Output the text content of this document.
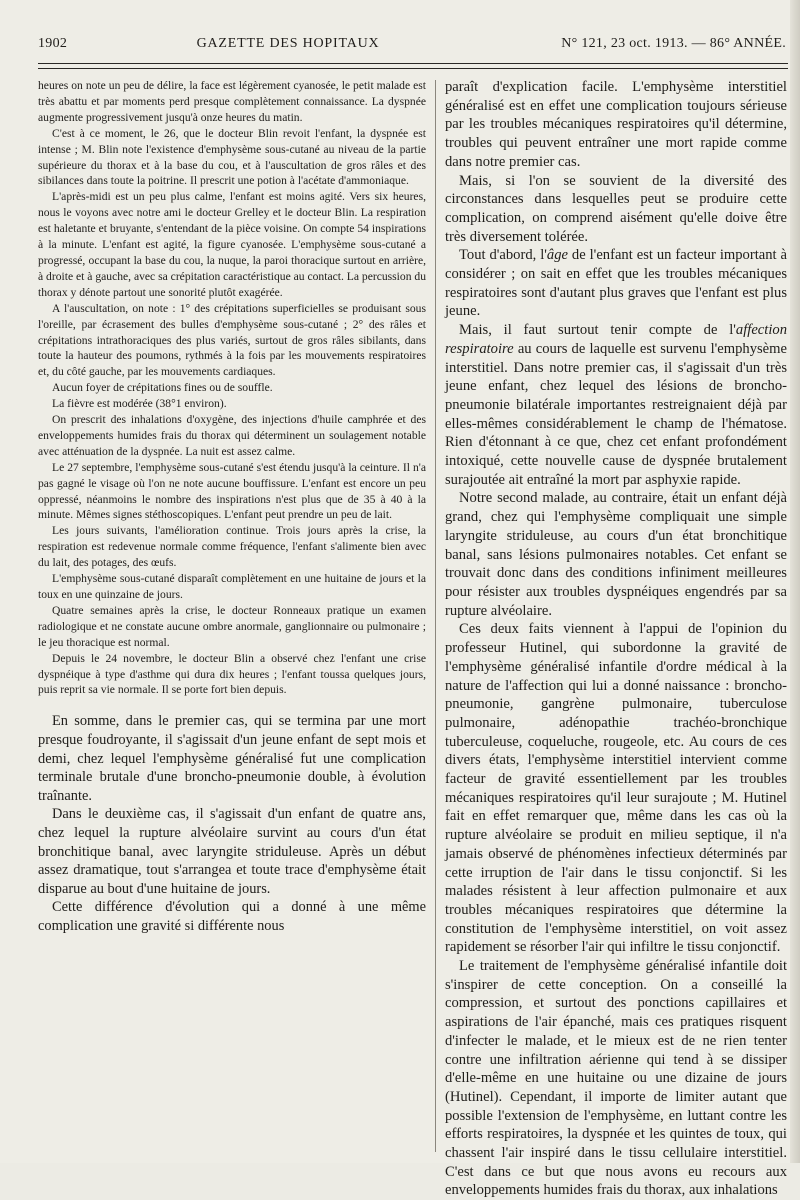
1902	GAZETTE DES HOPITAUX	N° 121, 23 oct. 1913. — 86° ANNÉE.

heures on note un peu de délire, la face est légèrement cyanosée, le petit malade est très abattu et par moments perd presque complètement connaissance. La dyspnée augmente progressivement jusqu'à onze heures du matin.

C'est à ce moment, le 26, que le docteur Blin revoit l'enfant, la dyspnée est intense ; M. Blin note l'existence d'emphysème sous-cutané au niveau de la partie supérieure du thorax et à la base du cou, et à l'auscultation de gros râles et des sibilances dans toute la poitrine. Il prescrit une potion à l'acétate d'ammoniaque.

L'après-midi est un peu plus calme, l'enfant est moins agité. Vers six heures, nous le voyons avec notre ami le docteur Grelley et le docteur Blin. La respiration est haletante et bruyante, s'entendant de la pièce voisine. On compte 54 inspirations à la minute. L'enfant est agité, la figure cyanosée. L'emphysème sous-cutané a progressé, occupant la base du cou, la nuque, la paroi thoracique surtout en arrière, à droite et à gauche, avec sa crépitation caractéristique au contact. La percussion du thorax y dénote partout une sonorité plutôt exagérée.

A l'auscultation, on note : 1° des crépitations superficielles se produisant sous l'oreille, par écrasement des bulles d'emphysème sous-cutané ; 2° des râles et crépitations intrathoraciques des plus variés, surtout de gros râles sibilants, dans toute la hauteur des poumons, rythmés à la fois par les mouvements respiratoires et, du côté gauche, par les mouvements cardiaques.

Aucun foyer de crépitations fines ou de souffle.

La fièvre est modérée (38°1 environ).

On prescrit des inhalations d'oxygène, des injections d'huile camphrée et des enveloppements humides frais du thorax qui déterminent un soulagement notable avec atténuation de la dyspnée. La nuit est assez calme.

Le 27 septembre, l'emphysème sous-cutané s'est étendu jusqu'à la ceinture. Il n'a pas gagné le visage où l'on ne note aucune bouffissure. L'enfant est encore un peu oppressé, néanmoins le nombre des inspirations n'est plus que de 35 à 40 à la minute. Mêmes signes stéthoscopiques. L'enfant peut prendre un peu de lait.

Les jours suivants, l'amélioration continue. Trois jours après la crise, la respiration est redevenue normale comme fréquence, l'enfant s'alimente bien avec du lait, des potages, des œufs.

L'emphysème sous-cutané disparaît complètement en une huitaine de jours et la toux en une quinzaine de jours.

Quatre semaines après la crise, le docteur Ronneaux pratique un examen radiologique et ne constate aucune ombre anormale, ganglionnaire ou pulmonaire ; le jeu thoracique est normal.

Depuis le 24 novembre, le docteur Blin a observé chez l'enfant une crise dyspnéique à type d'asthme qui dura dix heures ; l'enfant toussa quelques jours, puis reprit sa vie normale. Il se porte fort bien depuis.

En somme, dans le premier cas, qui se termina par une mort presque foudroyante, il s'agissait d'un jeune enfant de sept mois et demi, chez lequel l'emphysème généralisé fut une complication terminale brutale d'une broncho-pneumonie double, à évolution traînante.

Dans le deuxième cas, il s'agissait d'un enfant de quatre ans, chez lequel la rupture alvéolaire survint au cours d'un état bronchitique banal, avec laryngite striduleuse. Après un début assez dramatique, tout s'arrangea et toute trace d'emphysème était disparue au bout d'une huitaine de jours.

Cette différence d'évolution qui a donné à une même complication une gravité si différente nous

paraît d'explication facile. L'emphysème interstitiel généralisé est en effet une complication toujours sérieuse par les troubles mécaniques respiratoires qu'il détermine, troubles qui peuvent entraîner une mort rapide comme dans notre premier cas.

Mais, si l'on se souvient de la diversité des circonstances dans lesquelles peut se produire cette complication, on comprend aisément qu'elle doive être très diversement tolérée.

Tout d'abord, l'âge de l'enfant est un facteur important à considérer ; on sait en effet que les troubles mécaniques respiratoires sont d'autant plus graves que l'enfant est plus jeune.

Mais, il faut surtout tenir compte de l'affection respiratoire au cours de laquelle est survenu l'emphysème interstitiel. Dans notre premier cas, il s'agissait d'un très jeune enfant, chez lequel des lésions de broncho-pneumonie bilatérale importantes restreignaient déjà par elles-mêmes considérablement le champ de l'hématose. Rien d'étonnant à ce que, chez cet enfant profondément intoxiqué, cette nouvelle cause de dyspnée brutalement surajoutée ait entraîné la mort par asphyxie rapide.

Notre second malade, au contraire, était un enfant déjà grand, chez qui l'emphysème compliquait une simple laryngite striduleuse, au cours d'un état bronchitique banal, sans lésions pulmonaires notables. Cet enfant se trouvait donc dans des conditions infiniment meilleures pour résister aux troubles dyspnéiques engendrés par sa rupture alvéolaire.

Ces deux faits viennent à l'appui de l'opinion du professeur Hutinel, qui subordonne la gravité de l'emphysème généralisé infantile d'ordre médical à la nature de l'affection qui lui a donné naissance : broncho-pneumonie, gangrène pulmonaire, tuberculose pulmonaire, adénopathie trachéo-bronchique tuberculeuse, coqueluche, rougeole, etc. Au cours de ces divers états, l'emphysème interstitiel intervient comme facteur de gravité essentiellement par les troubles mécaniques respiratoires qu'il leur surajoute ; M. Hutinel fait en effet remarquer que, même dans les cas où la rupture alvéolaire se produit en milieu septique, il n'a jamais observé de phénomènes infectieux déterminés par cette irruption de l'air dans le tissu conjonctif. Si les malades résistent à leur affection pulmonaire et aux troubles mécaniques respiratoires que détermine la constitution de l'emphysème interstitiel, on voit assez rapidement se résorber l'air qui infiltre le tissu conjonctif.

Le traitement de l'emphysème généralisé infantile doit s'inspirer de cette conception. On a conseillé la compression, et surtout des ponctions capillaires et aspirations de l'air épanché, mais ces pratiques risquent d'infecter le malade, et le mieux est de ne rien tenter contre une infiltration aérienne qui tend à se dissiper d'elle-même en une huitaine ou une dizaine de jours (Hutinel). Cependant, il importe de limiter autant que possible l'extension de l'emphysème, en luttant contre les efforts respiratoires, la dyspnée et les quintes de toux, qui chassent l'air inspiré dans le tissu cellulaire interstitiel. C'est dans ce but que nous avons eu recours aux enveloppements humides frais du thorax, aux inhalations
